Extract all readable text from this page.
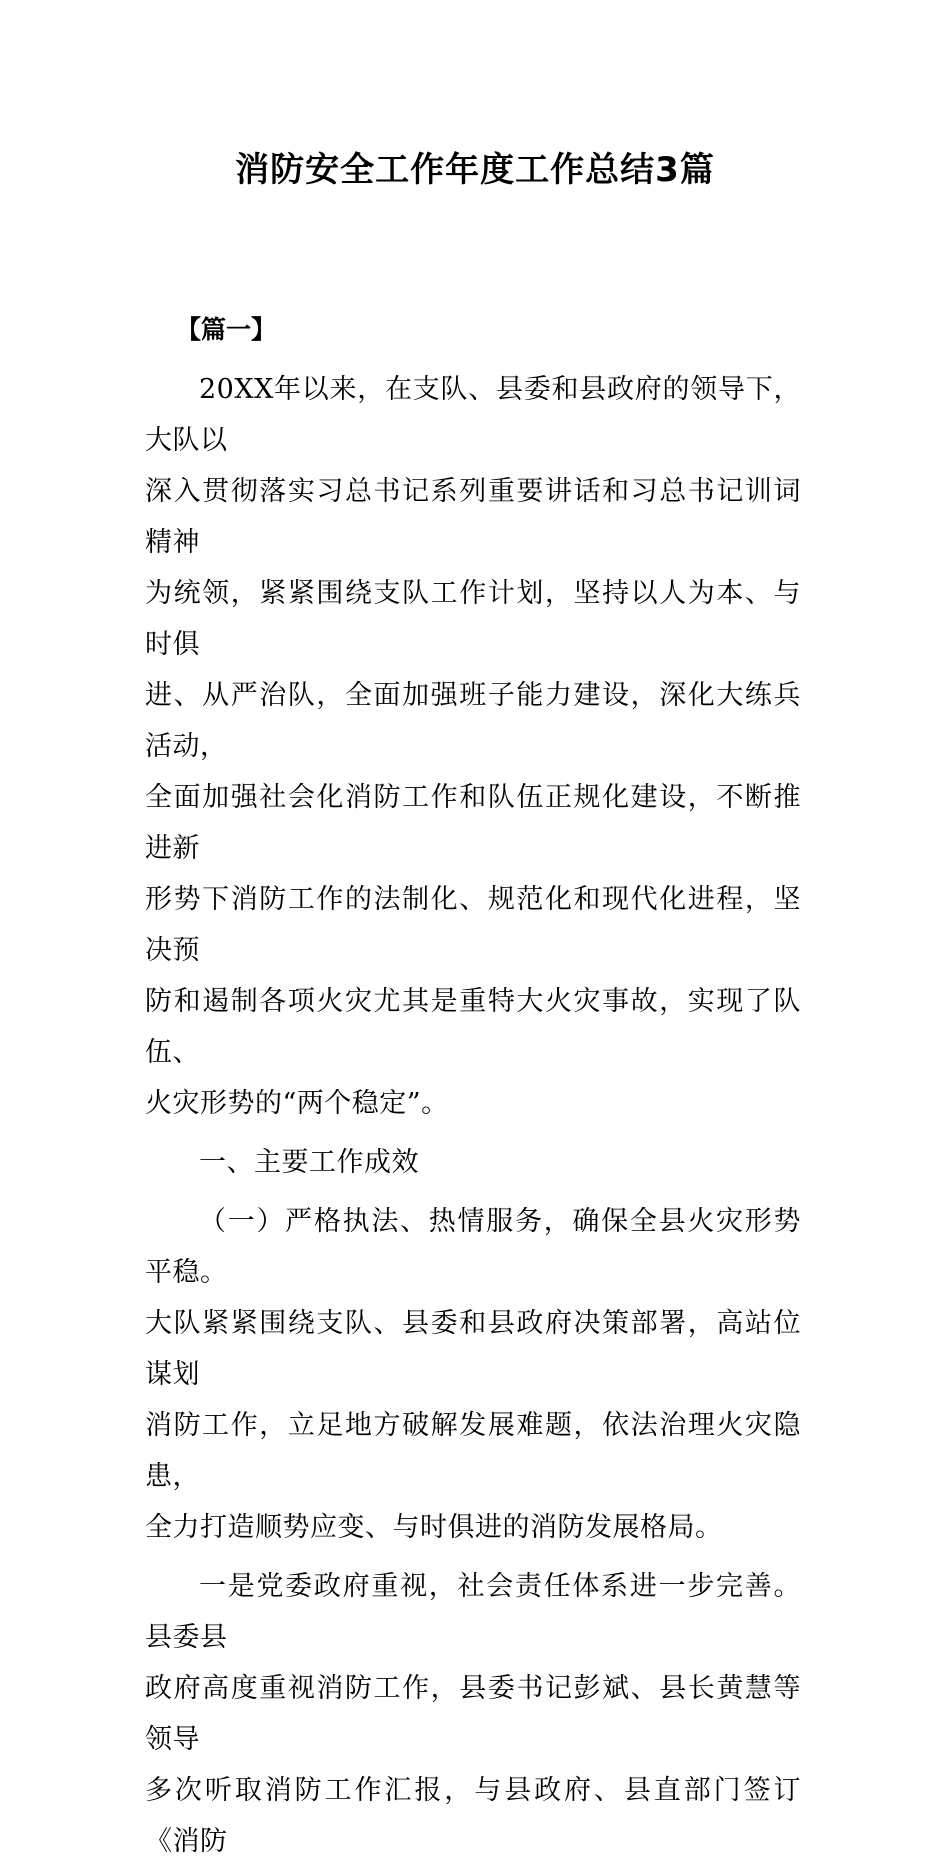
消防安全工作年度工作总结3篇
【篇一】

20XX年以来，在支队、县委和县政府的领导下，大队以
深入贯彻落实习总书记系列重要讲话和习总书记训词精神
为统领，紧紧围绕支队工作计划，坚持以人为本、与时俱
进、从严治队，全面加强班子能力建设，深化大练兵活动，
全面加强社会化消防工作和队伍正规化建设，不断推进新
形势下消防工作的法制化、规范化和现代化进程，坚决预
防和遏制各项火灾尤其是重特大火灾事故，实现了队伍、
火灾形势的“两个稳定”。

一、主要工作成效

（一）严格执法、热情服务，确保全县火灾形势平稳。
大队紧紧围绕支队、县委和县政府决策部署，高站位谋划
消防工作，立足地方破解发展难题，依法治理火灾隐患，
全力打造顺势应变、与时俱进的消防发展格局。

一是党委政府重视，社会责任体系进一步完善。县委县
政府高度重视消防工作，县委书记彭斌、县长黄慧等领导
多次听取消防工作汇报，与县政府、县直部门签订《消防
